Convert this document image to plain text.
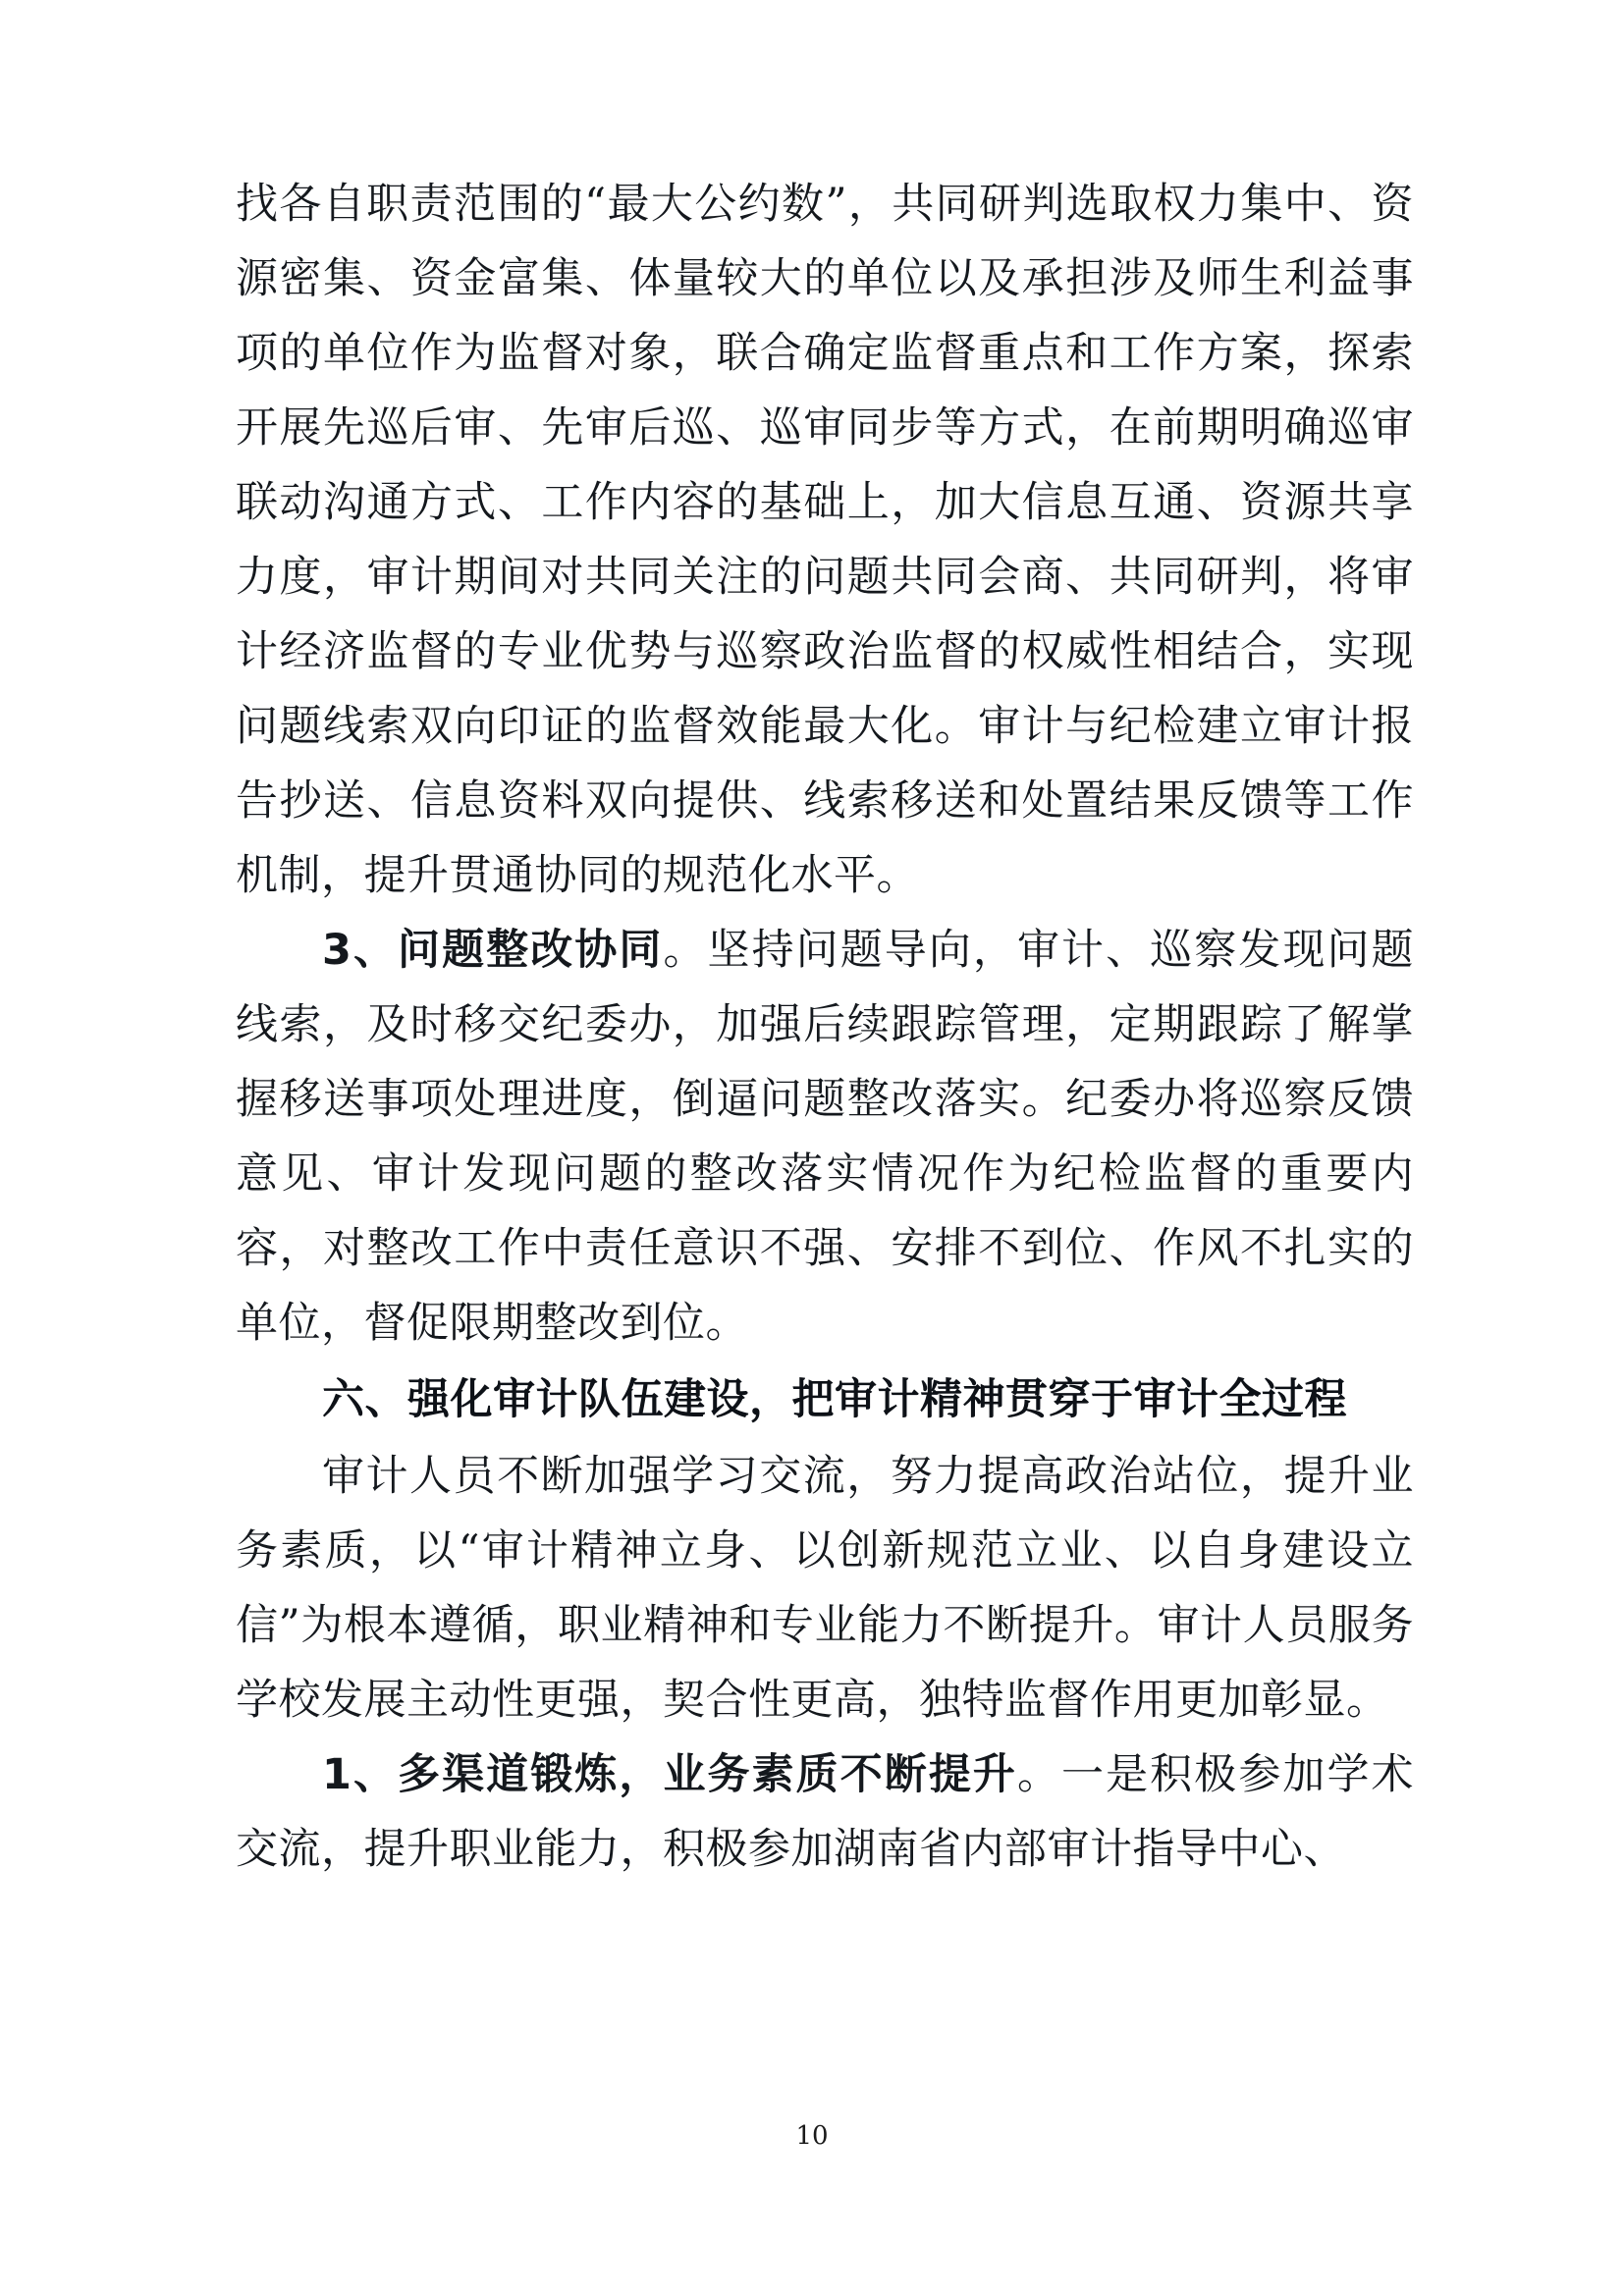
找各自职责范围的“最大公约数”，共同研判选取权力集中、资源密集、资金富集、体量较大的单位以及承担涉及师生利益事项的单位作为监督对象，联合确定监督重点和工作方案，探索开展先巡后审、先审后巡、巡审同步等方式，在前期明确巡审联动沟通方式、工作内容的基础上，加大信息互通、资源共享力度，审计期间对共同关注的问题共同会商、共同研判，将审计经济监督的专业优势与巡察政治监督的权威性相结合，实现问题线索双向印证的监督效能最大化。审计与纪检建立审计报告抄送、信息资料双向提供、线索移送和处置结果反馈等工作机制，提升贯通协同的规范化水平。

3、问题整改协同。坚持问题导向，审计、巡察发现问题线索，及时移交纪委办，加强后续跟踪管理，定期跟踪了解掌握移送事项处理进度，倒逼问题整改落实。纪委办将巡察反馈意见、审计发现问题的整改落实情况作为纪检监督的重要内容，对整改工作中责任意识不强、安排不到位、作风不扎实的单位，督促限期整改到位。

六、强化审计队伍建设，把审计精神贯穿于审计全过程

审计人员不断加强学习交流，努力提高政治站位，提升业务素质，以“审计精神立身、以创新规范立业、以自身建设立信”为根本遵循，职业精神和专业能力不断提升。审计人员服务学校发展主动性更强，契合性更高，独特监督作用更加彰显。

1、多渠道锻炼，业务素质不断提升。一是积极参加学术交流，提升职业能力，积极参加湖南省内部审计指导中心、

10
